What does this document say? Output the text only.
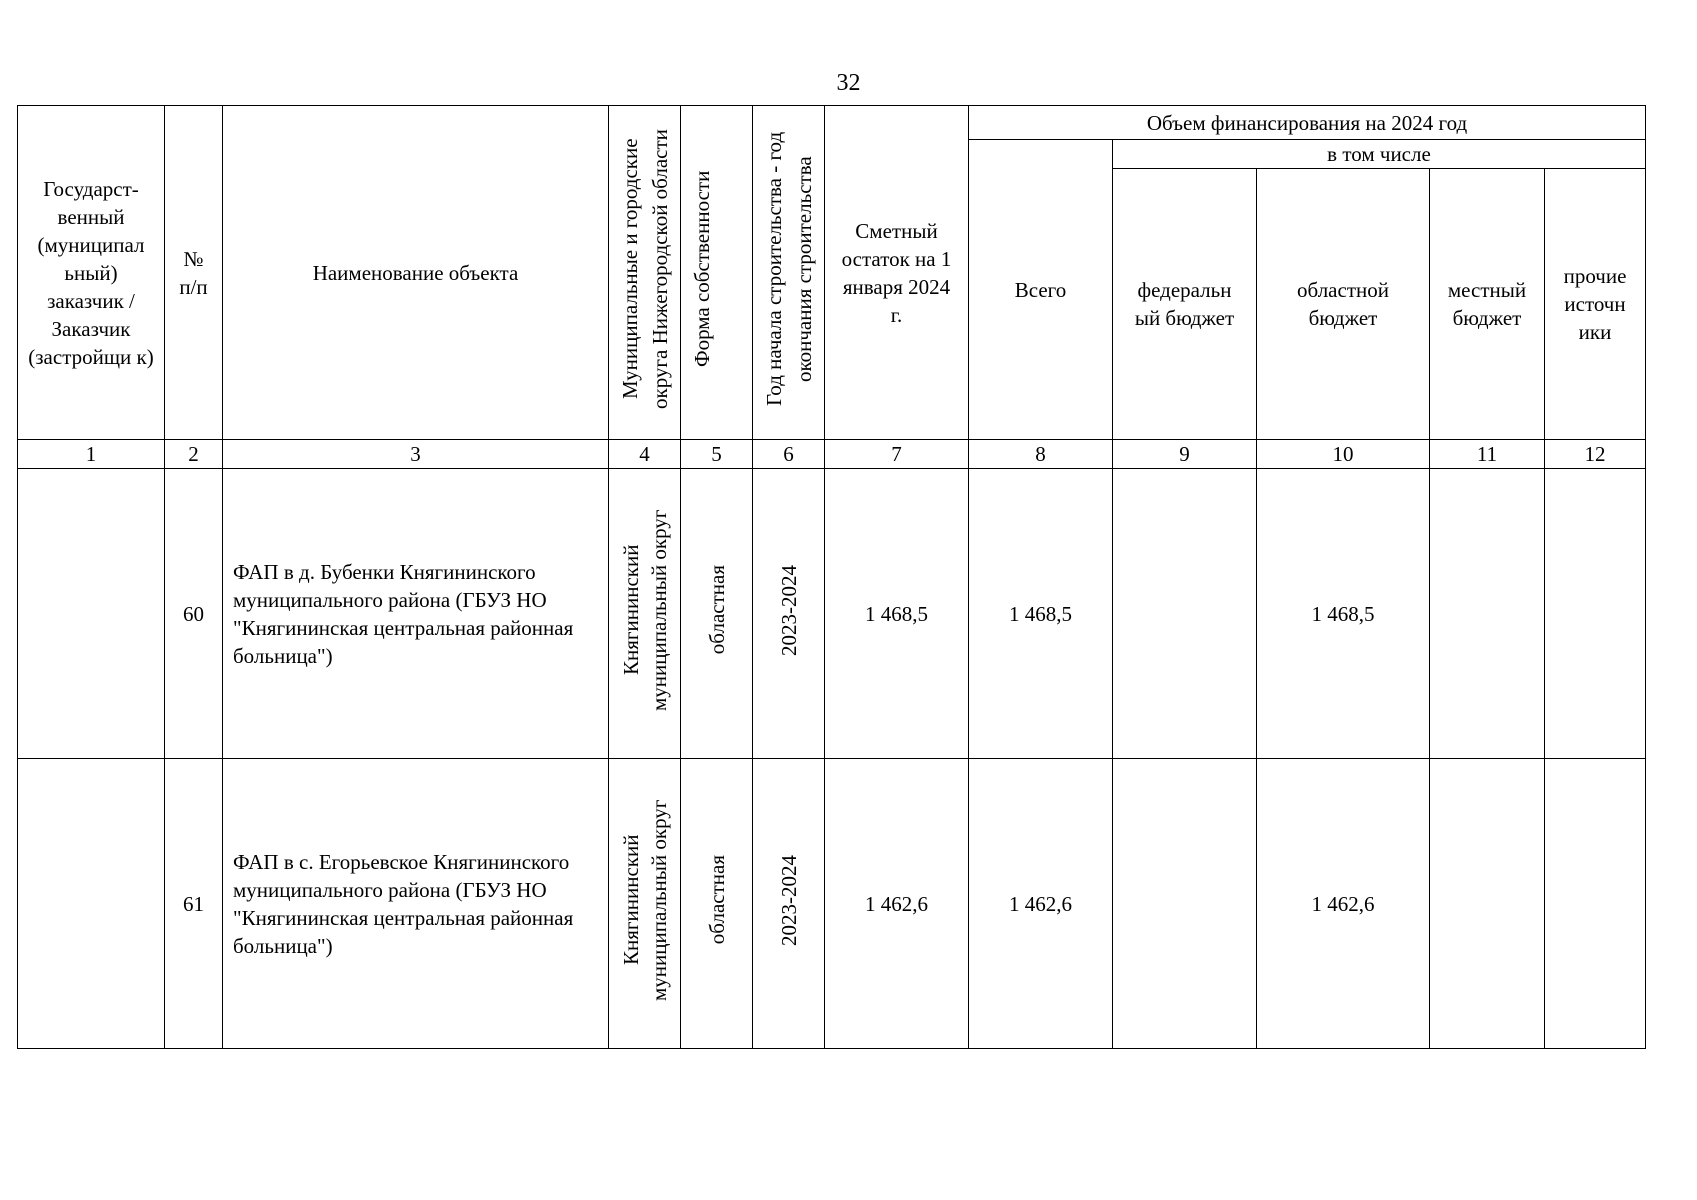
32
Государст-венный (муниципал ьный) заказчик / Заказчик (застройщи к)	№ п/п	Наименование объекта	Муниципальные и городские округа Нижегородской области	Форма собственности	Год начала строительства - год окончания строительства	Сметный остаток на 1 января 2024 г.	Объем финансирования на 2024 год				
							Всего	в том числе			

								федеральн ый бюджет	областной бюджет	местный бюджет	прочие источн ики

1	2	3	4	5	6	7	8	9	10	11	12
	60	ФАП в д. Бубенки Княгининского муниципального района (ГБУЗ НО "Княгининская центральная районная больница")	Княгининский муниципальный округ	областная	2023-2024	1 468,5	1 468,5		1 468,5		
	61	ФАП в с. Егорьевское Княгининского муниципального района (ГБУЗ НО "Княгининская центральная районная больница")	Княгининский муниципальный округ	областная	2023-2024	1 462,6	1 462,6		1 462,6		
